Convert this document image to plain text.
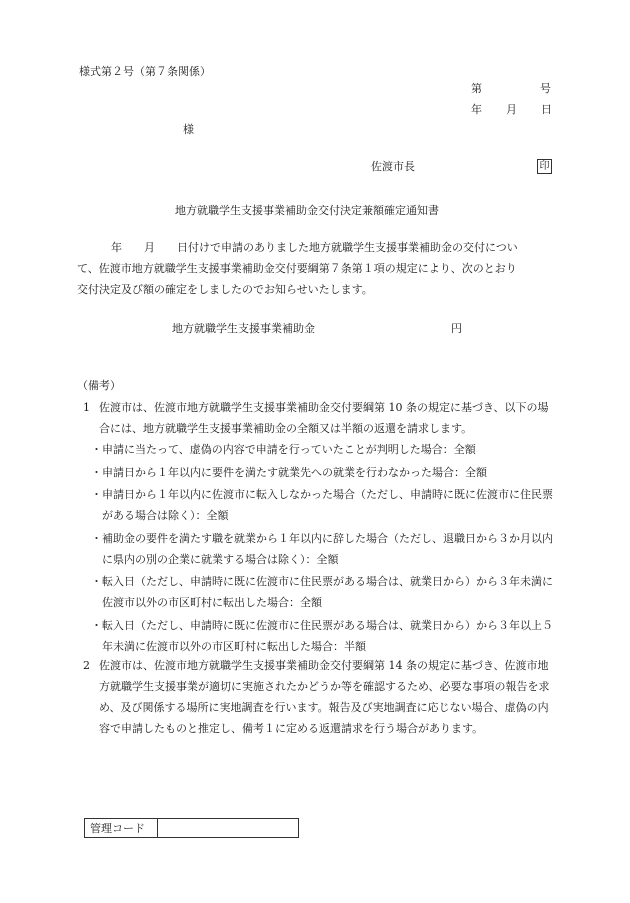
様式第２号（第７条関係）
第	号
年 月 日
様
佐渡市長	印
地方就職学生支援事業補助金交付決定兼額確定通知書

年　　月　　日付けで申請のありました地方就職学生支援事業補助金の交付につい

て、佐渡市地方就職学生支援事業補助金交付要綱第７条第１項の規定により、次のとおり

交付決定及び額の確定をしましたのでお知らせいたします。

地方就職学生支援事業補助金	円
（備考）
1 佐渡市は、佐渡市地方就職学生支援事業補助金交付要綱第 10 条の規定に基づき、以下の場合には、地方就職学生支援事業補助金の全額又は半額の返還を請求します。
・ 申請に当たって、虚偽の内容で申請を行っていたことが判明した場合：全額
・ 申請日から１年以内に要件を満たす就業先への就業を行わなかった場合：全額
・ 申請日から１年以内に佐渡市に転入しなかった場合（ただし、申請時に既に佐渡市に住民票がある場合は除く）：全額
・ 補助金の要件を満たす職を就業から１年以内に辞した場合（ただし、退職日から３か月以内に県内の別の企業に就業する場合は除く）：全額
・ 転入日（ただし、申請時に既に佐渡市に住民票がある場合は、就業日から）から３年未満に佐渡市以外の市区町村に転出した場合：全額
・ 転入日（ただし、申請時に既に佐渡市に住民票がある場合は、就業日から）から３年以上５年未満に佐渡市以外の市区町村に転出した場合：半額
2 佐渡市は、佐渡市地方就職学生支援事業補助金交付要綱第 14 条の規定に基づき、佐渡市地方就職学生支援事業が適切に実施されたかどうか等を確認するため、必要な事項の報告を求め、及び関係する場所に実地調査を行います。報告及び実地調査に応じない場合、虚偽の内容で申請したものと推定し、備考１に定める返還請求を行う場合があります。
管理コード	
